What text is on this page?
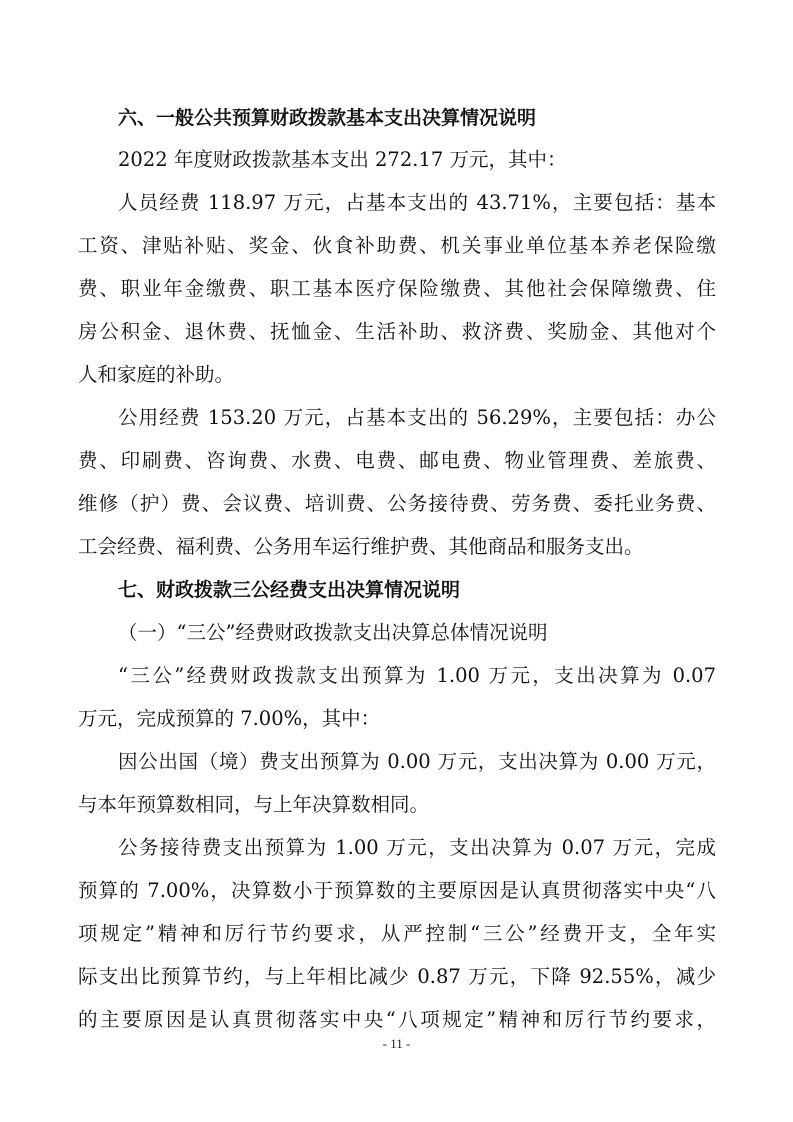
六、一般公共预算财政拨款基本支出决算情况说明
2022 年度财政拨款基本支出 272.17 万元，其中：
人员经费 118.97 万元，占基本支出的 43.71%，主要包括：基本
工资、津贴补贴、奖金、伙食补助费、机关事业单位基本养老保险缴
费、职业年金缴费、职工基本医疗保险缴费、其他社会保障缴费、住
房公积金、退休费、抚恤金、生活补助、救济费、奖励金、其他对个
人和家庭的补助。
公用经费 153.20 万元，占基本支出的 56.29%，主要包括：办公
费、印刷费、咨询费、水费、电费、邮电费、物业管理费、差旅费、
维修（护）费、会议费、培训费、公务接待费、劳务费、委托业务费、
工会经费、福利费、公务用车运行维护费、其他商品和服务支出。
七、财政拨款三公经费支出决算情况说明
（一）“三公”经费财政拨款支出决算总体情况说明
“三公”经费财政拨款支出预算为 1.00 万元，支出决算为 0.07
万元，完成预算的 7.00%，其中：
因公出国（境）费支出预算为 0.00 万元，支出决算为 0.00 万元，
与本年预算数相同，与上年决算数相同。
公务接待费支出预算为 1.00 万元，支出决算为 0.07 万元，完成
预算的 7.00%，决算数小于预算数的主要原因是认真贯彻落实中央“八
项规定”精神和厉行节约要求，从严控制“三公”经费开支，全年实
际支出比预算节约，与上年相比减少 0.87 万元，下降 92.55%，减少
的主要原因是认真贯彻落实中央“八项规定”精神和厉行节约要求，
- 11 -
